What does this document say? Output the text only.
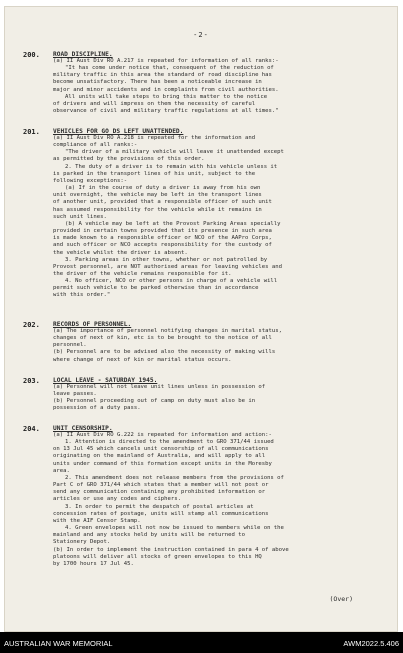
-2-
200. ROAD DISCIPLINE.
(a) II Aust Div RO A.217 is repeated for information of all ranks:-
"It has come under notice that, consequent of the reduction of
military traffic in this area the standard of road discipline has
become unsatisfactory. There has been a noticeable increase in
major and minor accidents and in complaints from civil authorities.
All units will take steps to bring this matter to the notice
of drivers and will impress on them the necessity of careful
observance of civil and military traffic regulations at all times."
201. VEHICLES FOR GO DS LEFT UNATTENDED.
(a) II Aust Div RO A.218 is repeated for the information and
compliance of all ranks:-
"The driver of a military vehicle will leave it unattended except
as permitted by the provisions of this order.
2. The duty of a driver is to remain with his vehicle unless it
is parked in the transport lines of his unit, subject to the
following exceptions:-
(a) If in the course of duty a driver is away from his own
unit overnight, the vehicle may be left in the transport lines
of another unit, provided that a responsible officer of such unit
has assumed responsibility for the vehicle while it remains in
such unit lines.
(b) A vehicle may be left at the Provost Parking Areas specially
provided in certain towns provided that its presence in such area
is made known to a responsible officer or NCO of the AAPro Corps,
and such officer or NCO accepts responsibility for the custody of
the vehicle whilst the driver is absent.
3. Parking areas in other towns, whether or not patrolled by
Provost personnel, are NOT authorised areas for leaving vehicles and
the driver of the vehicle remains responsible for it.
4. No officer, NCO or other persons in charge of a vehicle will
permit such vehicle to be parked otherwise than in accordance
with this order."
202. RECORDS OF PERSONNEL.
(a) The importance of personnel notifying changes in marital status,
changes of next of kin, etc is to be brought to the notice of all
personnel.
(b) Personnel are to be advised also the necessity of making wills
where change of next of kin or marital status occurs.
203. LOCAL LEAVE - SATURDAY 1945.
(a) Personnel will not leave unit lines unless in possession of
leave passes.
(b) Personnel proceeding out of camp on duty must also be in
possession of a duty pass.
204. UNIT CENSORSHIP.
(a) II Aust Div RO G.222 is repeated for information and action:-
1. Attention is directed to the amendment to GRO 371/44 issued
on 13 Jul 45 which cancels unit censorship of all communications
originating on the mainland of Australia, and will apply to all
units under command of this formation except units in the Moresby
area.
2. This amendment does not release members from the provisions of
Part C of GRO 371/44 which states that a member will not post or
send any communication containing any prohibited information or
articles or use any codes and ciphers.
3. In order to permit the despatch of postal articles at
concession rates of postage, units will stamp all communications
with the AIF Censor Stamp.
4. Green envelopes will not now be issued to members while on the
mainland and any stocks held by units will be returned to
Stationery Depot.
(b) In order to implement the instruction contained in para 4 of above
platoons will deliver all stocks of green envelopes to this HQ
by 1700 hours 17 Jul 45.
(Over)
AUSTRALIAN WAR MEMORIAL	AWM2022.5.406
